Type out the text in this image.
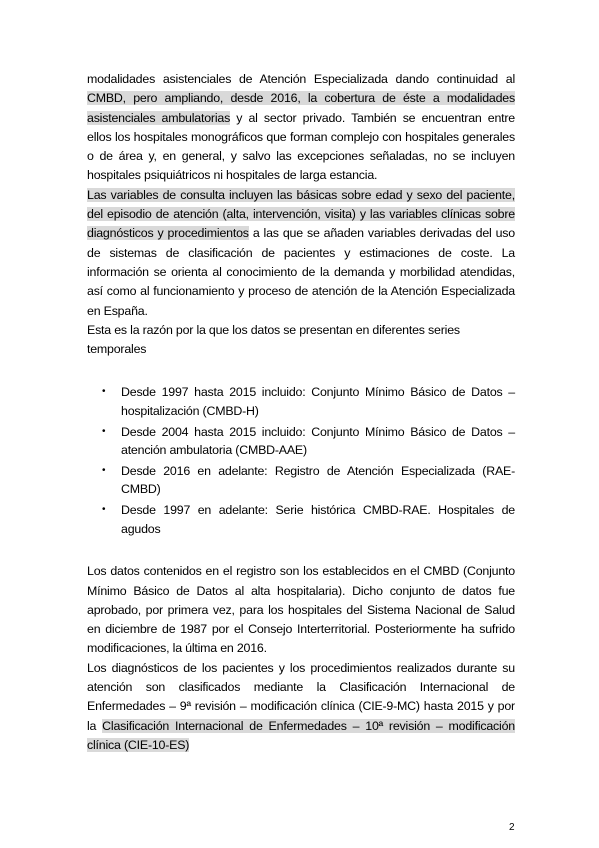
modalidades asistenciales de Atención Especializada dando continuidad al CMBD, pero ampliando, desde 2016, la cobertura de éste a modalidades asistenciales ambulatorias y al sector privado. También se encuentran entre ellos los hospitales monográficos que forman complejo con hospitales generales o de área y, en general, y salvo las excepciones señaladas, no se incluyen hospitales psiquiátricos ni hospitales de larga estancia.

Las variables de consulta incluyen las básicas sobre edad y sexo del paciente, del episodio de atención (alta, intervención, visita) y las variables clínicas sobre diagnósticos y procedimientos a las que se añaden variables derivadas del uso de sistemas de clasificación de pacientes y estimaciones de coste. La información se orienta al conocimiento de la demanda y morbilidad atendidas, así como al funcionamiento y proceso de atención de la Atención Especializada en España.

Esta es la razón por la que los datos se presentan en diferentes series temporales

• Desde 1997 hasta 2015 incluido: Conjunto Mínimo Básico de Datos – hospitalización (CMBD-H)
• Desde 2004 hasta 2015 incluido: Conjunto Mínimo Básico de Datos – atención ambulatoria (CMBD-AAE)
• Desde 2016 en adelante: Registro de Atención Especializada (RAE-CMBD)
• Desde 1997 en adelante: Serie histórica CMBD-RAE. Hospitales de agudos

Los datos contenidos en el registro son los establecidos en el CMBD (Conjunto Mínimo Básico de Datos al alta hospitalaria). Dicho conjunto de datos fue aprobado, por primera vez, para los hospitales del Sistema Nacional de Salud en diciembre de 1987 por el Consejo Interterritorial. Posteriormente ha sufrido modificaciones, la última en 2016.

Los diagnósticos de los pacientes y los procedimientos realizados durante su atención son clasificados mediante la Clasificación Internacional de Enfermedades – 9ª revisión – modificación clínica (CIE-9-MC) hasta 2015 y por la Clasificación Internacional de Enfermedades – 10ª revisión – modificación clínica (CIE-10-ES)

2
